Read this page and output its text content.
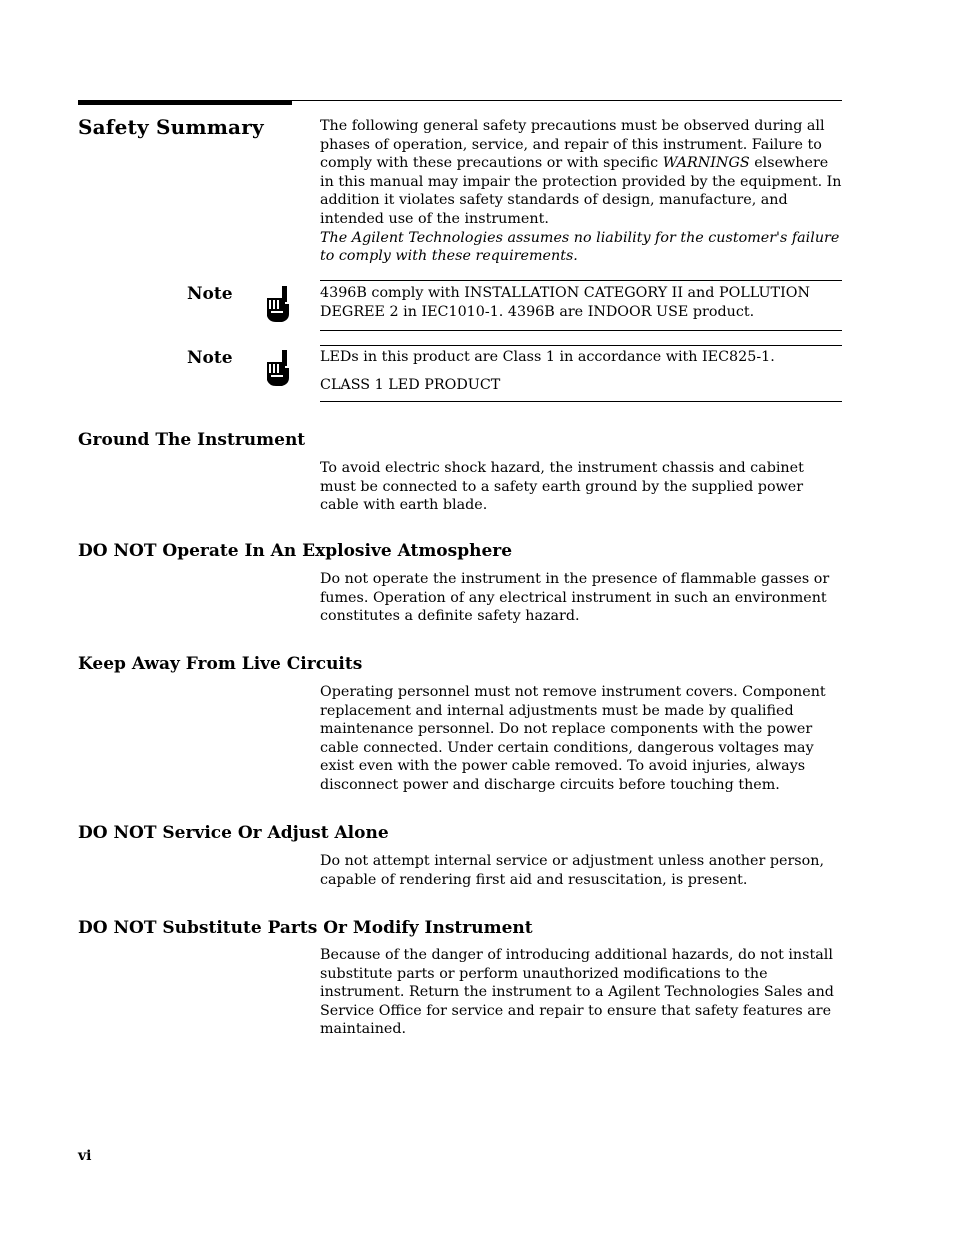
Safety Summary	The following general safety precautions must be observed during all phases of operation, service, and repair of this instrument. Failure to comply with these precautions or with specific WARNINGS elsewhere in this manual may impair the protection provided by the equipment. In addition it violates safety standards of design, manufacture, and intended use of the instrument.
The Agilent Technologies assumes no liability for the customer's failure to comply with these requirements.
Note	4396B comply with INSTALLATION CATEGORY II and POLLUTION DEGREE 2 in IEC1010-1. 4396B are INDOOR USE product.
Note	LEDs in this product are Class 1 in accordance with IEC825-1.
CLASS 1 LED PRODUCT
Ground The Instrument
To avoid electric shock hazard, the instrument chassis and cabinet must be connected to a safety earth ground by the supplied power cable with earth blade.
DO NOT Operate In An Explosive Atmosphere
Do not operate the instrument in the presence of flammable gasses or fumes. Operation of any electrical instrument in such an environment constitutes a definite safety hazard.
Keep Away From Live Circuits
Operating personnel must not remove instrument covers. Component replacement and internal adjustments must be made by qualified maintenance personnel. Do not replace components with the power cable connected. Under certain conditions, dangerous voltages may exist even with the power cable removed. To avoid injuries, always disconnect power and discharge circuits before touching them.
DO NOT Service Or Adjust Alone
Do not attempt internal service or adjustment unless another person, capable of rendering first aid and resuscitation, is present.
DO NOT Substitute Parts Or Modify Instrument
Because of the danger of introducing additional hazards, do not install substitute parts or perform unauthorized modifications to the instrument. Return the instrument to a Agilent Technologies Sales and Service Office for service and repair to ensure that safety features are maintained.
vi
